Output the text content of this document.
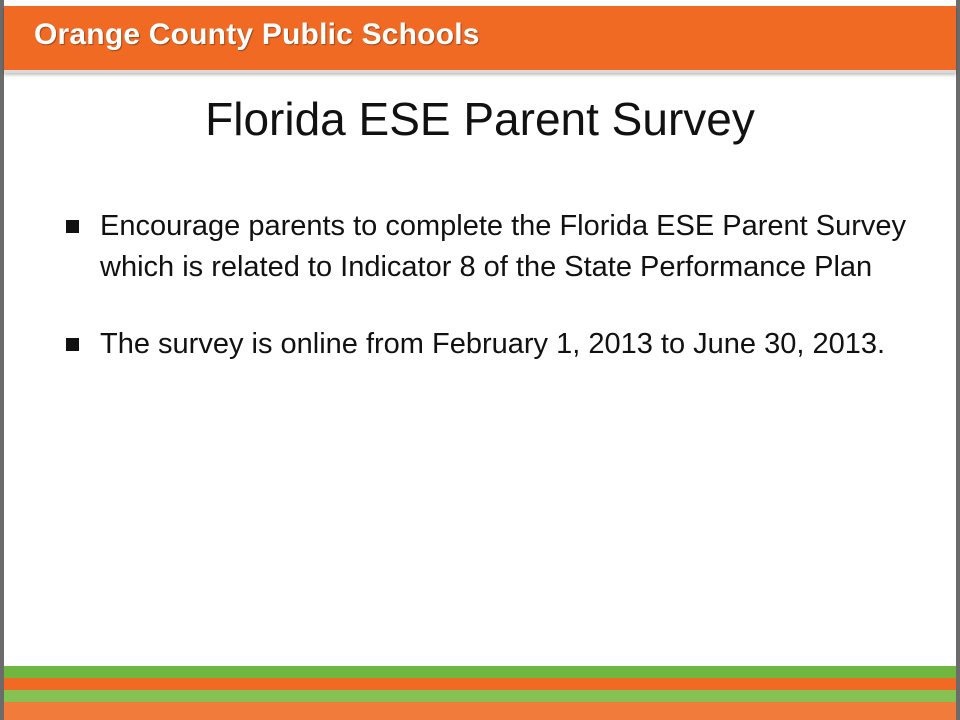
Orange County Public Schools
Florida ESE Parent Survey
Encourage parents to complete the Florida ESE Parent Survey which is related to Indicator 8 of the State Performance Plan
The survey is online from February 1, 2013 to June 30, 2013.
